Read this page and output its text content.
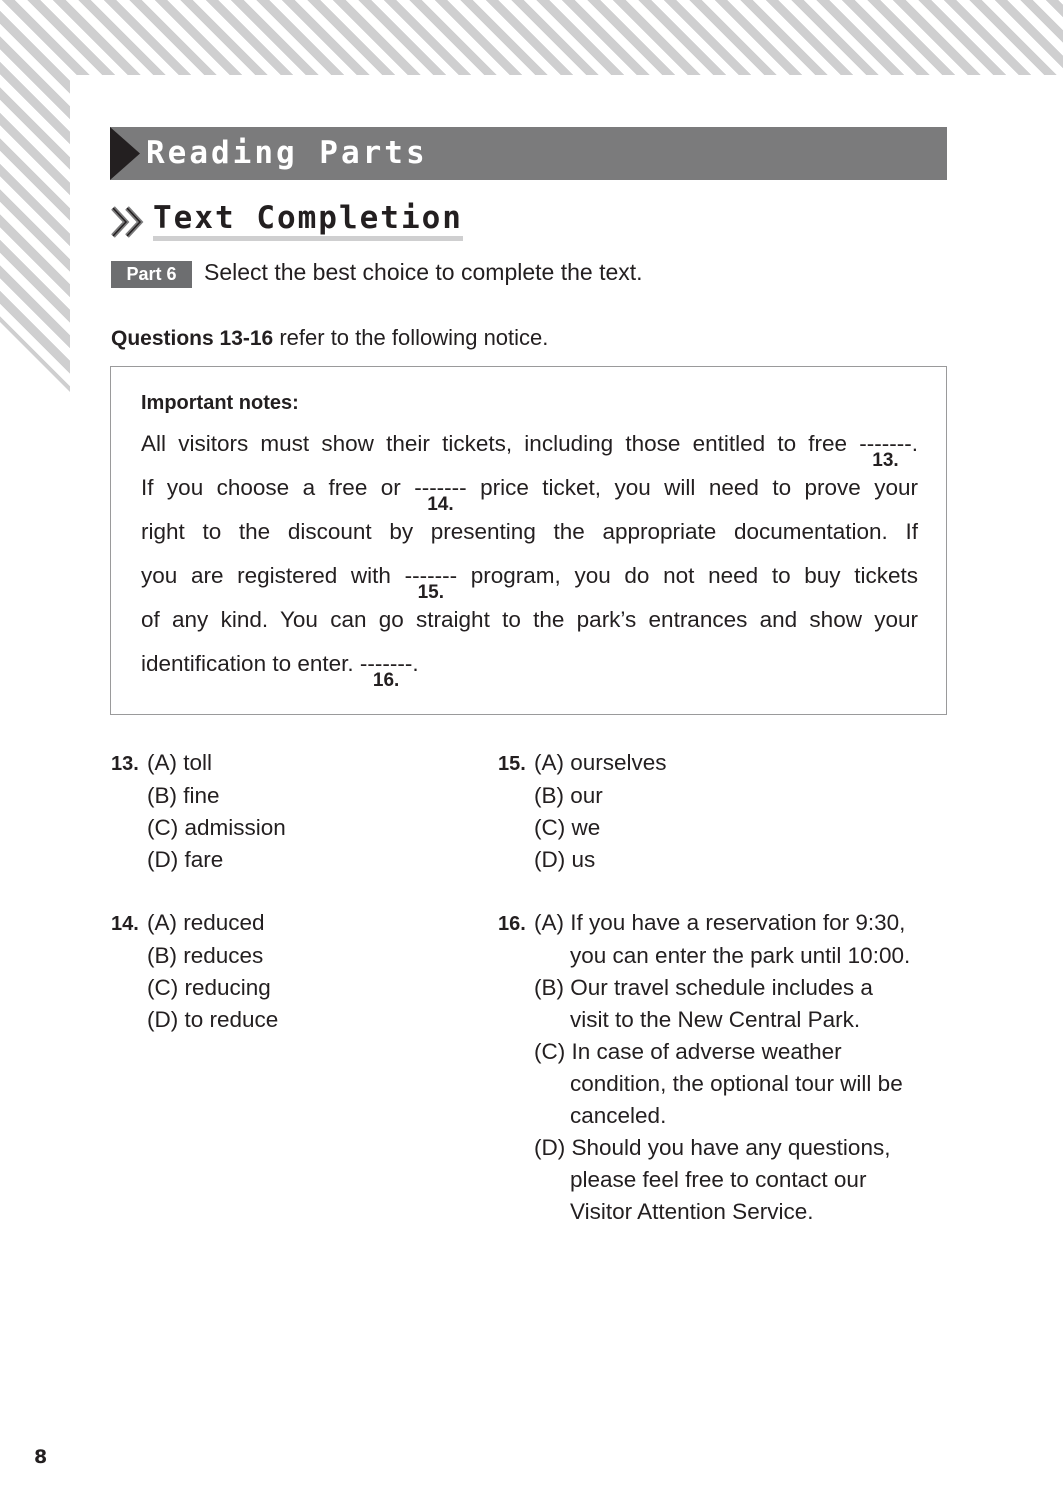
Reading Parts
Text Completion
Part 6	Select the best choice to complete the text.
Questions 13-16 refer to the following notice.
Important notes:
All visitors must show their tickets, including those entitled to free -------
13.
.
If you choose a free or -------
14.
price ticket, you will need to prove your
right to the discount by presenting the appropriate documentation. If
you are registered with -------
15.
program, you do not need to buy tickets
of any kind. You can go straight to the park’s entrances and show your
identification to enter. -------
16.
.
13. (A) toll
(B) fine
(C) admission
(D) fare
14. (A) reduced
(B) reduces
(C) reducing
(D) to reduce
15. (A) ourselves
(B) our
(C) we
(D) us
16. (A) If you have a reservation for 9:30,
you can enter the park until 10:00.
(B) Our travel schedule includes a
visit to the New Central Park.
(C) In case of adverse weather
condition, the optional tour will be
canceled.
(D) Should you have any questions,
please feel free to contact our
Visitor Attention Service.
8
